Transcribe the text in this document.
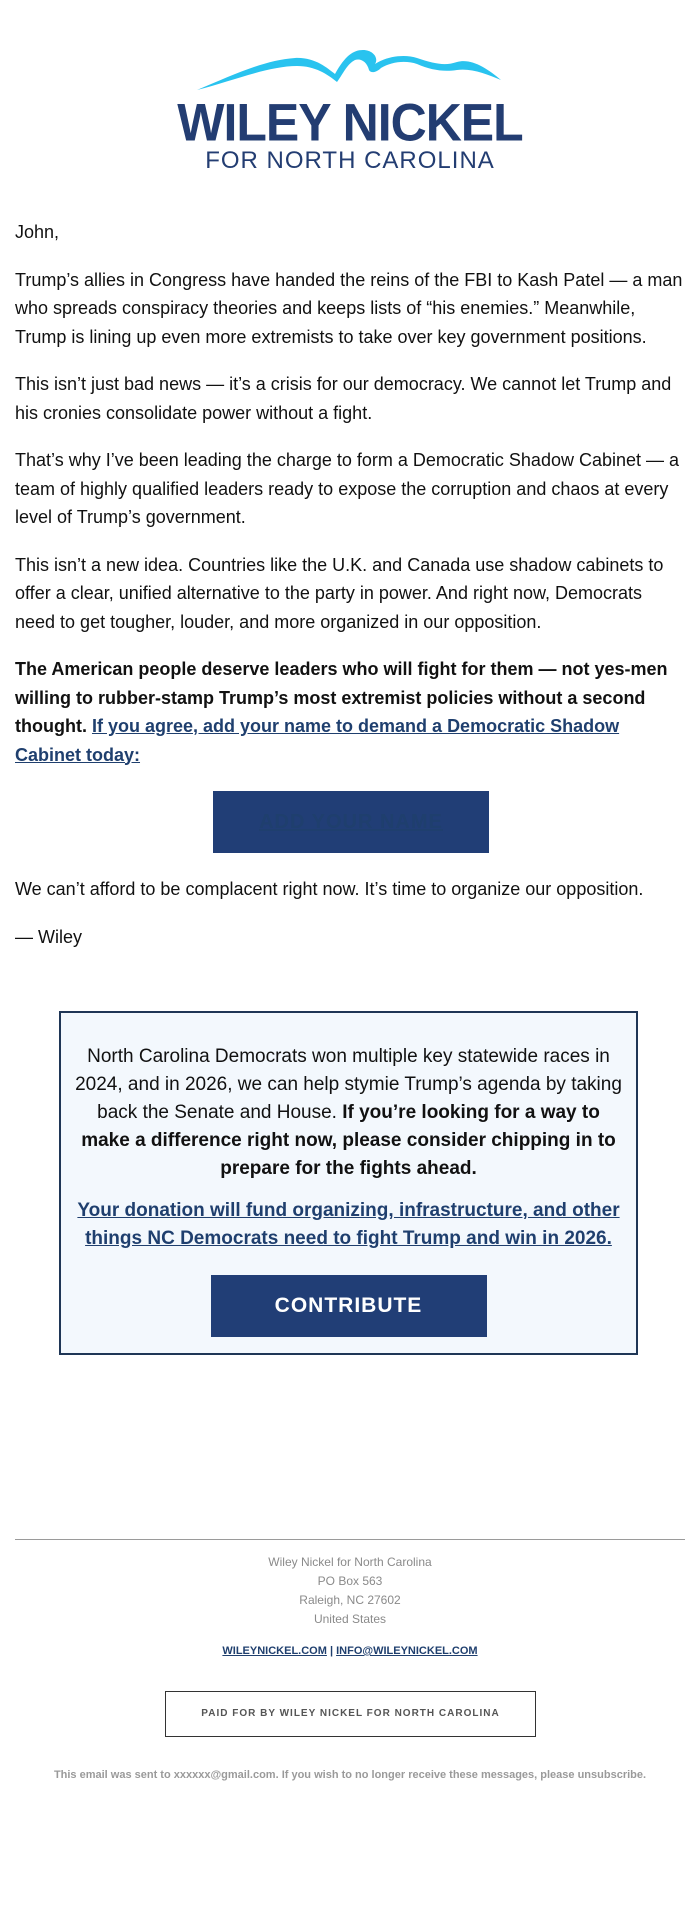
WILEY NICKEL
FOR NORTH CAROLINA

John,

Trump’s allies in Congress have handed the reins of the FBI to Kash Patel — a man who spreads conspiracy theories and keeps lists of “his enemies.” Meanwhile, Trump is lining up even more extremists to take over key government positions.

This isn’t just bad news — it’s a crisis for our democracy. We cannot let Trump and his cronies consolidate power without a fight.

That’s why I’ve been leading the charge to form a Democratic Shadow Cabinet — a team of highly qualified leaders ready to expose the corruption and chaos at every level of Trump’s government.

This isn’t a new idea. Countries like the U.K. and Canada use shadow cabinets to offer a clear, unified alternative to the party in power. And right now, Democrats need to get tougher, louder, and more organized in our opposition.

The American people deserve leaders who will fight for them — not yes-men willing to rubber-stamp Trump’s most extremist policies without a second thought. If you agree, add your name to demand a Democratic Shadow Cabinet today:

ADD YOUR NAME

We can’t afford to be complacent right now. It’s time to organize our opposition.

— Wiley

North Carolina Democrats won multiple key statewide races in 2024, and in 2026, we can help stymie Trump’s agenda by taking back the Senate and House. If you’re looking for a way to make a difference right now, please consider chipping in to prepare for the fights ahead.

Your donation will fund organizing, infrastructure, and other things NC Democrats need to fight Trump and win in 2026.
CONTRIBUTE
Wiley Nickel for North Carolina
PO Box 563
Raleigh, NC 27602
United States
WILEYNICKEL.COM | INFO@WILEYNICKEL.COM
PAID FOR BY WILEY NICKEL FOR NORTH CAROLINA
This email was sent to xxxxxx@gmail.com. If you wish to no longer receive these messages, please unsubscribe.
